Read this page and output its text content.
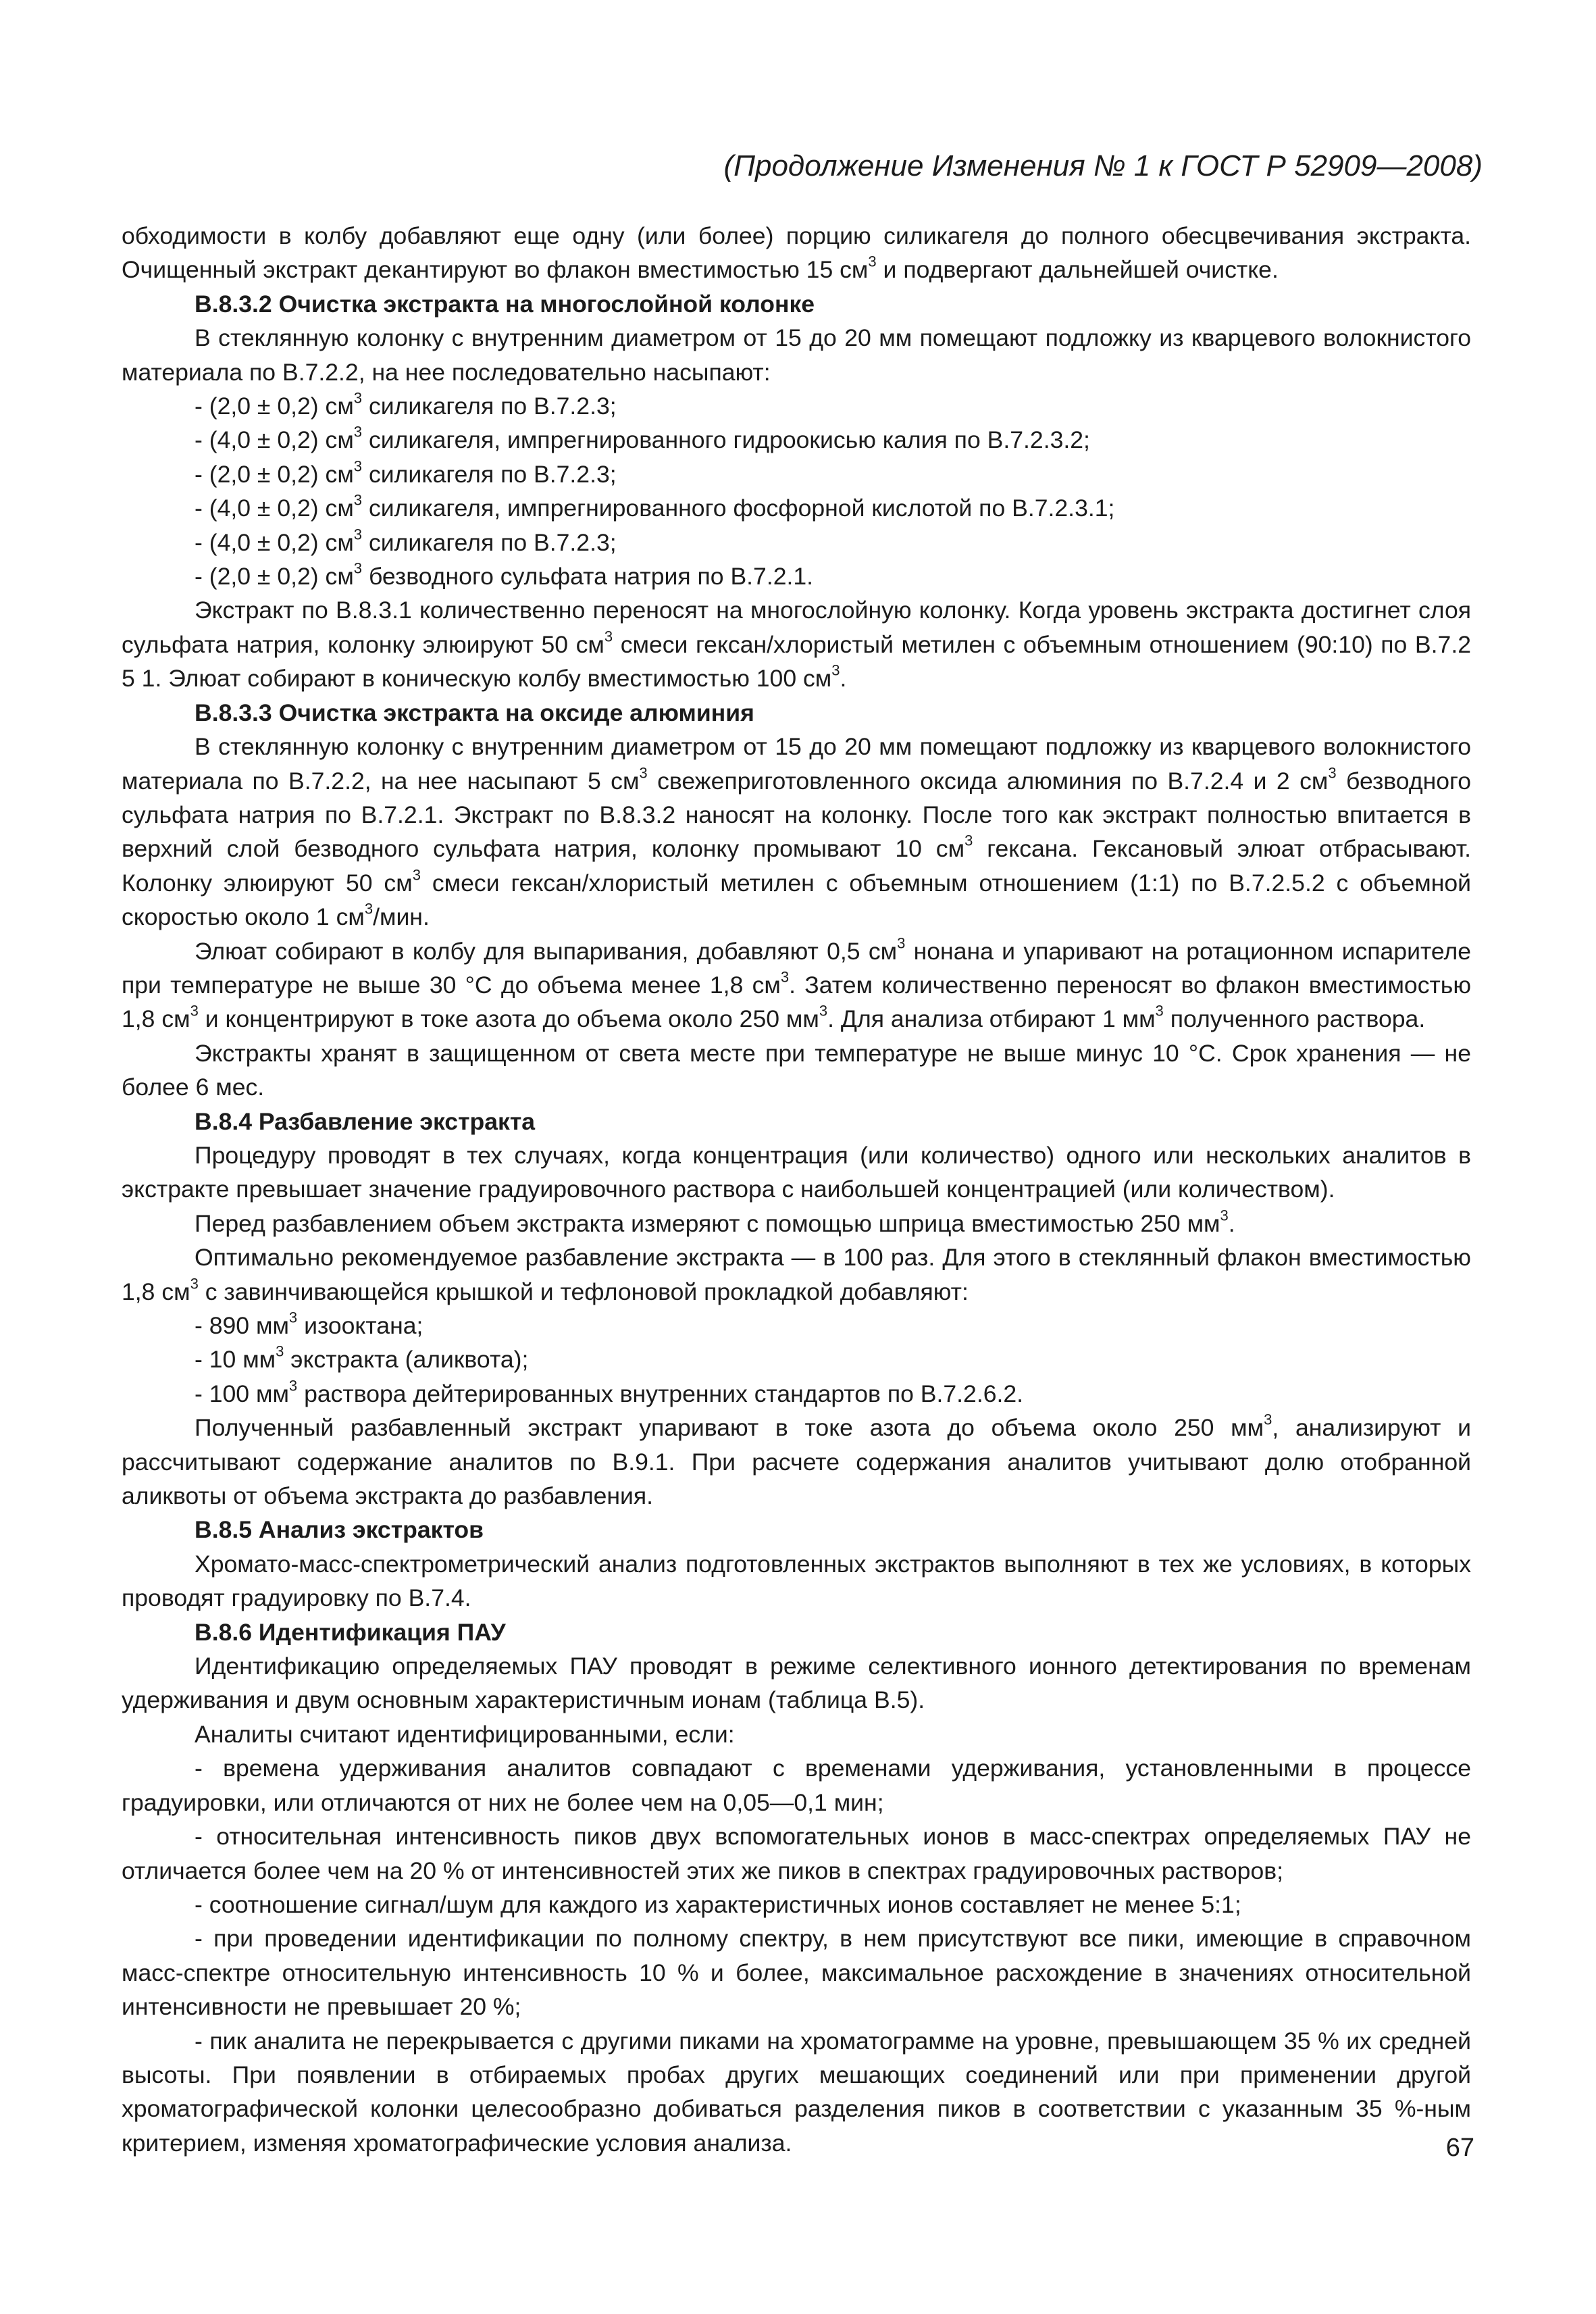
(Продолжение Изменения № 1 к ГОСТ Р 52909—2008)

обходимости в колбу добавляют еще одну (или более) порцию силикагеля до полного обесцвечивания экстракта. Очищенный экстракт декантируют во флакон вместимостью 15 $см^3$ и подвергают дальнейшей очистке.

В.8.3.2 Очистка экстракта на многослойной колонке

В стеклянную колонку с внутренним диаметром от 15 до 20 мм помещают подложку из кварцевого волокнистого материала по В.7.2.2, на нее последовательно насыпают:

- (2,0 ± 0,2) $см^3$ силикагеля по В.7.2.3;

- (4,0 ± 0,2) $см^3$ силикагеля, импрегнированного гидроокисью калия по В.7.2.3.2;

- (2,0 ± 0,2) $см^3$ силикагеля по В.7.2.3;

- (4,0 ± 0,2) $см^3$ силикагеля, импрегнированного фосфорной кислотой по В.7.2.3.1;

- (4,0 ± 0,2) $см^3$ силикагеля по В.7.2.3;

- (2,0 ± 0,2) $см^3$ безводного сульфата натрия по В.7.2.1.

Экстракт по В.8.3.1 количественно переносят на многослойную колонку. Когда уровень экстракта достигнет слоя сульфата натрия, колонку элюируют 50 $см^3$ смеси гексан/хлористый метилен с объемным отношением (90:10) по В.7.2 5 1. Элюат собирают в коническую колбу вместимостью 100 $см^3$.

В.8.3.3 Очистка экстракта на оксиде алюминия

В стеклянную колонку с внутренним диаметром от 15 до 20 мм помещают подложку из кварцевого волокнистого материала по В.7.2.2, на нее насыпают 5 $см^3$ свежеприготовленного оксида алюминия по В.7.2.4 и 2 $см^3$ безводного сульфата натрия по В.7.2.1. Экстракт по В.8.3.2 наносят на колонку. После того как экстракт полностью впитается в верхний слой безводного сульфата натрия, колонку промывают 10 $см^3$ гексана. Гексановый элюат отбрасывают. Колонку элюируют 50 $см^3$ смеси гексан/хлористый метилен с объемным отношением (1:1) по В.7.2.5.2 с объемной скоростью около 1 $см^3$/мин.

Элюат собирают в колбу для выпаривания, добавляют 0,5 $см^3$ нонана и упаривают на ротационном испарителе при температуре не выше 30 °С до объема менее 1,8 $см^3$. Затем количественно переносят во флакон вместимостью 1,8 $см^3$ и концентрируют в токе азота до объема около 250 $мм^3$. Для анализа отбирают 1 $мм^3$ полученного раствора.

Экстракты хранят в защищенном от света месте при температуре не выше минус 10 °С. Срок хранения — не более 6 мес.

В.8.4 Разбавление экстракта

Процедуру проводят в тех случаях, когда концентрация (или количество) одного или нескольких аналитов в экстракте превышает значение градуировочного раствора с наибольшей концентрацией (или количеством).

Перед разбавлением объем экстракта измеряют с помощью шприца вместимостью 250 $мм^3$.

Оптимально рекомендуемое разбавление экстракта — в 100 раз. Для этого в стеклянный флакон вместимостью 1,8 $см^3$ с завинчивающейся крышкой и тефлоновой прокладкой добавляют:

- 890 $мм^3$ изооктана;

- 10 $мм^3$ экстракта (аликвота);

- 100 $мм^3$ раствора дейтерированных внутренних стандартов по В.7.2.6.2.

Полученный разбавленный экстракт упаривают в токе азота до объема около 250 $мм^3$, анализируют и рассчитывают содержание аналитов по В.9.1. При расчете содержания аналитов учитывают долю отобранной аликвоты от объема экстракта до разбавления.

В.8.5 Анализ экстрактов

Хромато-масс-спектрометрический анализ подготовленных экстрактов выполняют в тех же условиях, в которых проводят градуировку по В.7.4.

В.8.6 Идентификация ПАУ

Идентификацию определяемых ПАУ проводят в режиме селективного ионного детектирования по временам удерживания и двум основным характеристичным ионам (таблица В.5).

Аналиты считают идентифицированными, если:

- времена удерживания аналитов совпадают с временами удерживания, установленными в процессе градуировки, или отличаются от них не более чем на 0,05—0,1 мин;

- относительная интенсивность пиков двух вспомогательных ионов в масс-спектрах определяемых ПАУ не отличается более чем на 20 % от интенсивностей этих же пиков в спектрах градуировочных растворов;

- соотношение сигнал/шум для каждого из характеристичных ионов составляет не менее 5:1;

- при проведении идентификации по полному спектру, в нем присутствуют все пики, имеющие в справочном масс-спектре относительную интенсивность 10 % и более, максимальное расхождение в значениях относительной интенсивности не превышает 20 %;

- пик аналита не перекрывается с другими пиками на хроматограмме на уровне, превышающем 35 % их средней высоты. При появлении в отбираемых пробах других мешающих соединений или при применении другой хроматографической колонки целесообразно добиваться разделения пиков в соответствии с указанным 35 %-ным критерием, изменяя хроматографические условия анализа.	67
